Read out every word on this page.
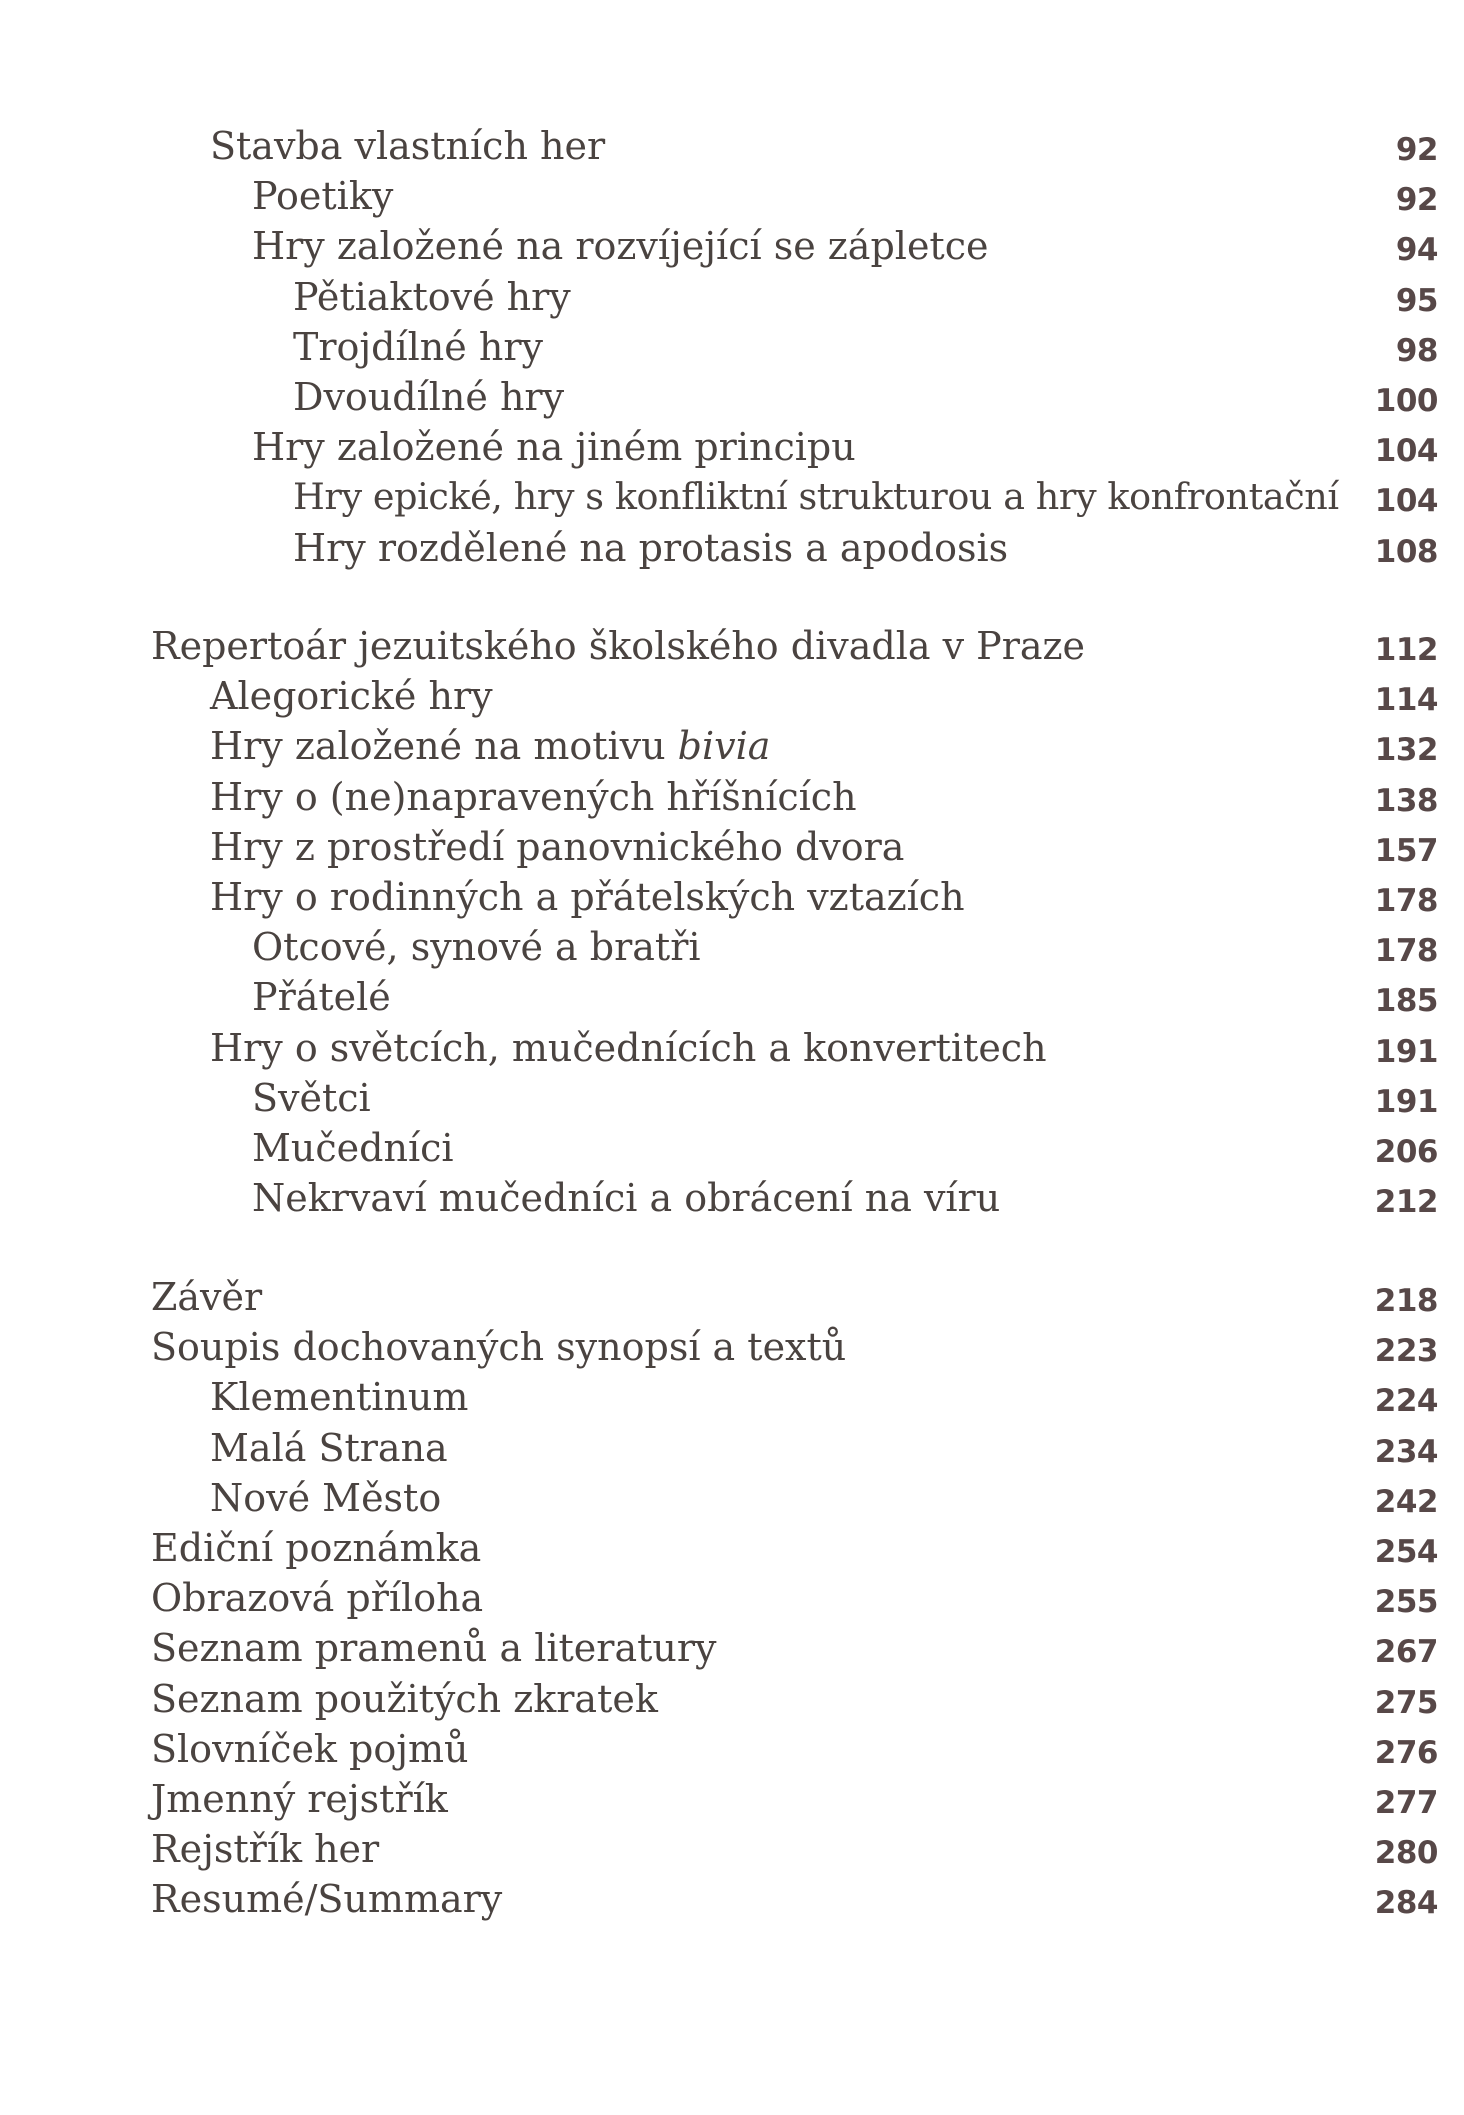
Stavba vlastních her	92
Poetiky	92
Hry založené na rozvíjející se zápletce	94
Pětiaktové hry	95
Trojdílné hry	98
Dvoudílné hry	100
Hry založené na jiném principu	104
Hry epické, hry s konfliktní strukturou a hry konfrontační 104
Hry rozdělené na protasis a apodosis	108
Repertoár jezuitského školského divadla v Praze	112
Alegorické hry	114
Hry založené na motivu bivia	132
Hry o (ne)napravených hříšnících	138
Hry z prostředí panovnického dvora	157
Hry o rodinných a přátelských vztazích	178
Otcové, synové a bratři	178
Přátelé	185
Hry o světcích, mučednících a konvertitech	191
Světci	191
Mučedníci	206
Nekrvaví mučedníci a obrácení na víru	212
Závěr	218
Soupis dochovaných synopsí a textů	223
Klementinum	224
Malá Strana	234
Nové Město	242
Ediční poznámka	254
Obrazová příloha	255
Seznam pramenů a literatury	267
Seznam použitých zkratek	275
Slovníček pojmů	276
Jmenný rejstřík	277
Rejstřík her	280
Resumé/Summary	284
